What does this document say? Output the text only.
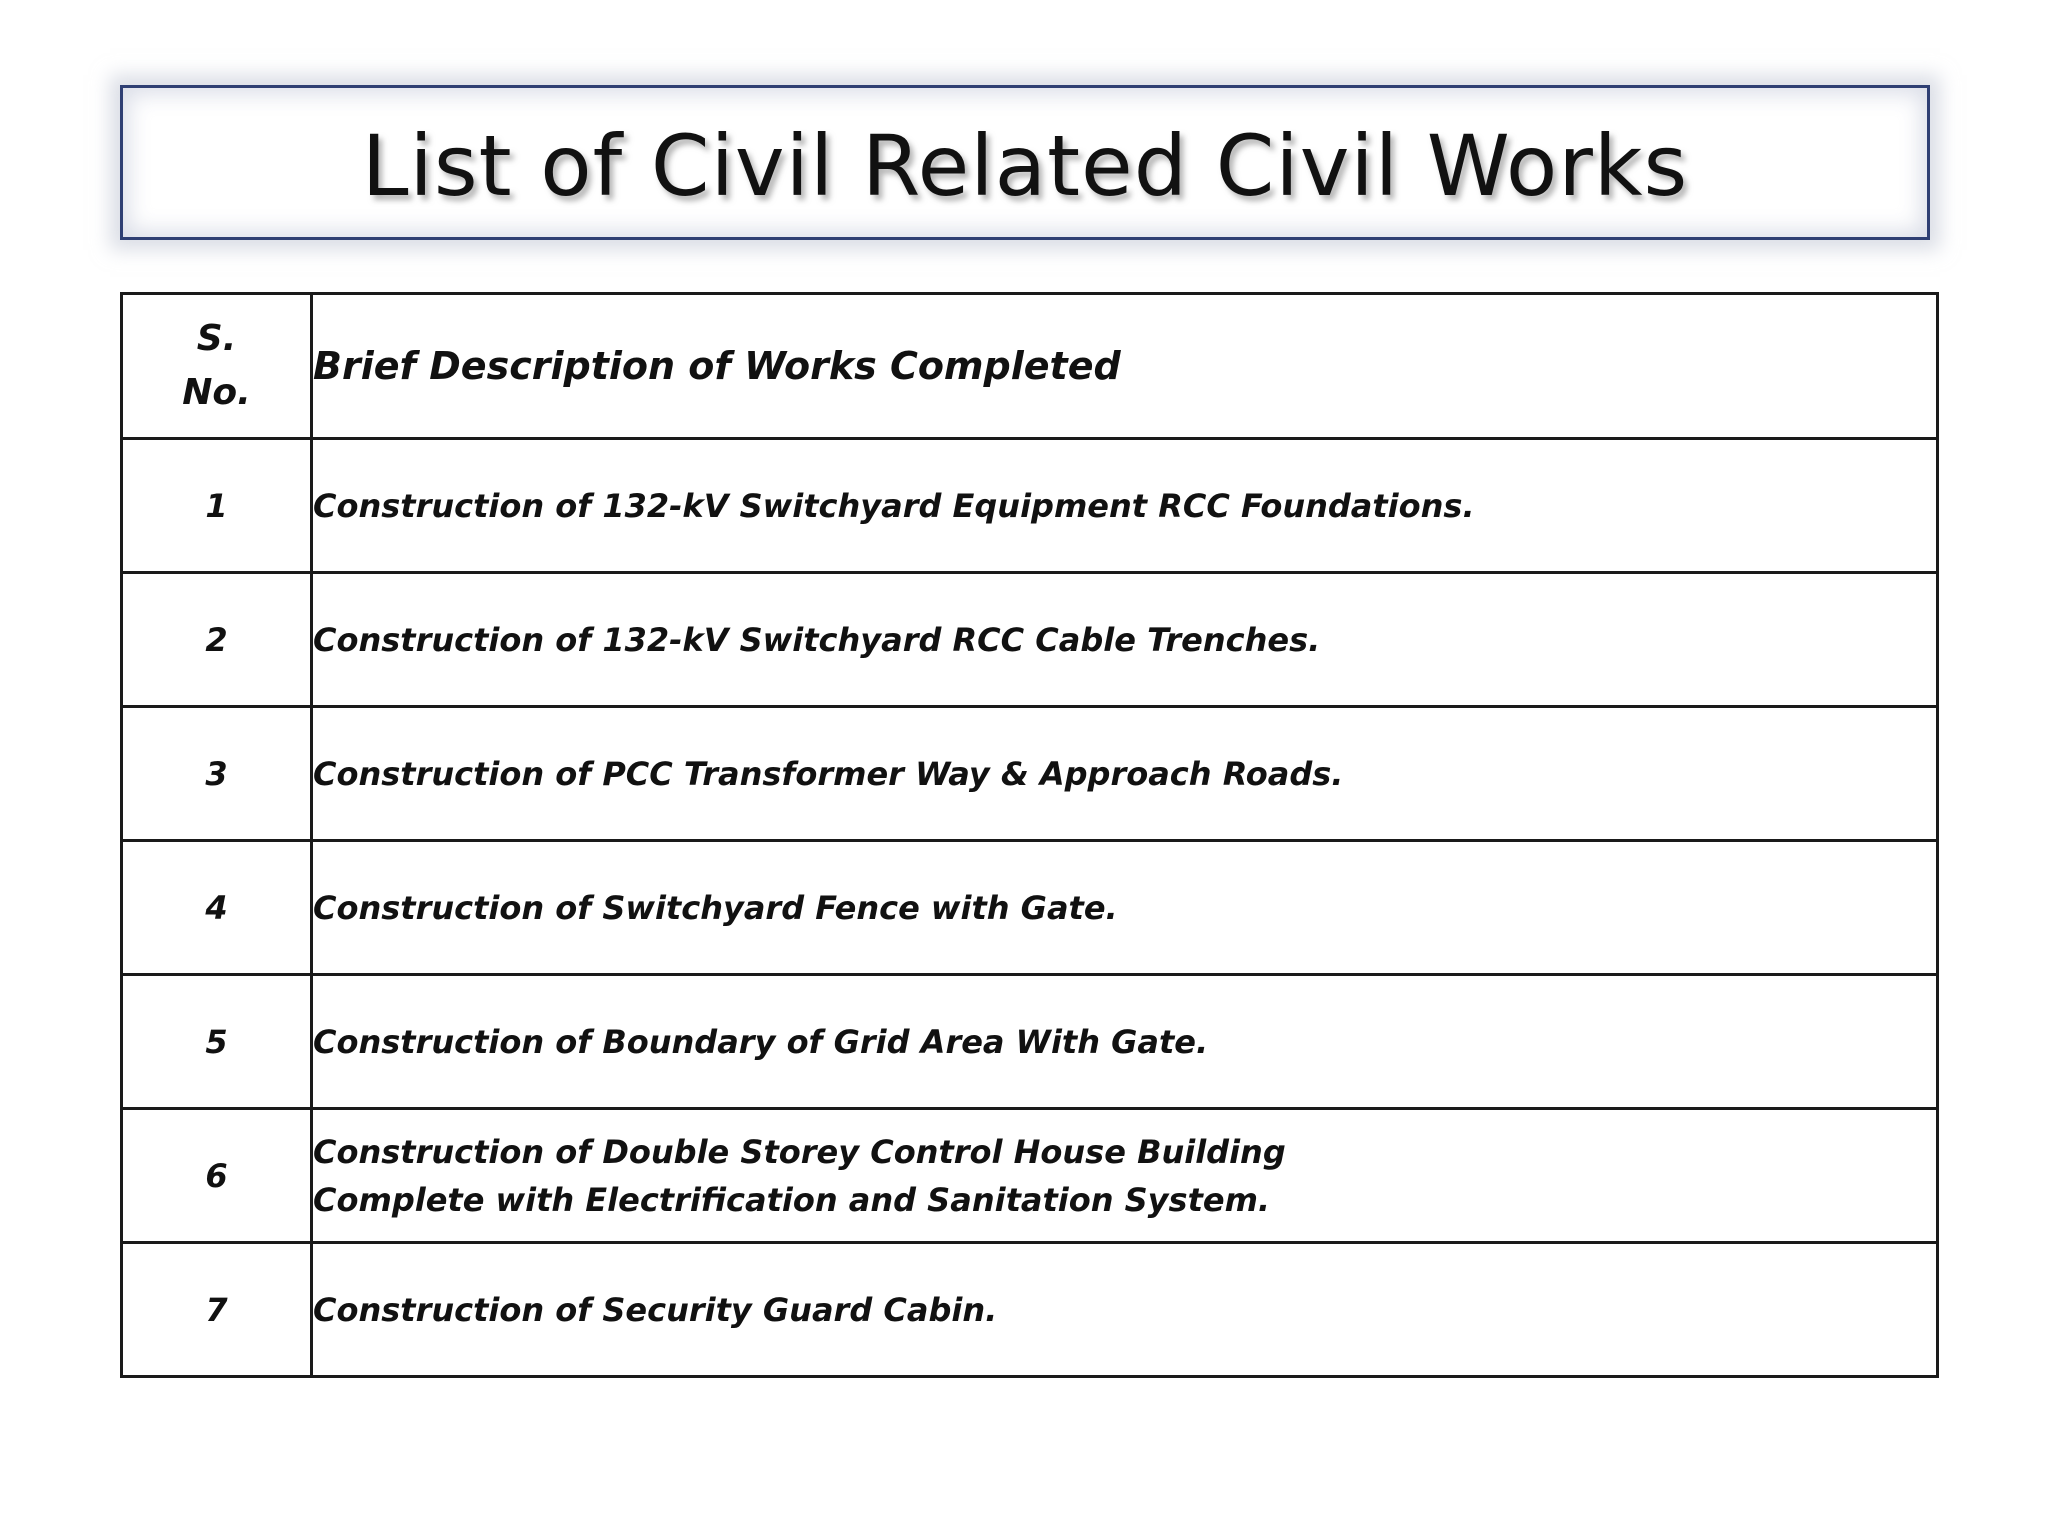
List of Civil Related Civil Works
S.
No.	Brief Description of Works Completed
1	Construction of 132-kV Switchyard Equipment RCC Foundations.

2	Construction of 132-kV Switchyard RCC Cable Trenches.

3	Construction of PCC Transformer Way & Approach Roads.

4	Construction of Switchyard Fence with Gate.

5	Construction of Boundary of Grid Area With Gate.

6	Construction of Double Storey Control House Building
Complete with Electrification and Sanitation System.

7	Construction of Security Guard Cabin.
